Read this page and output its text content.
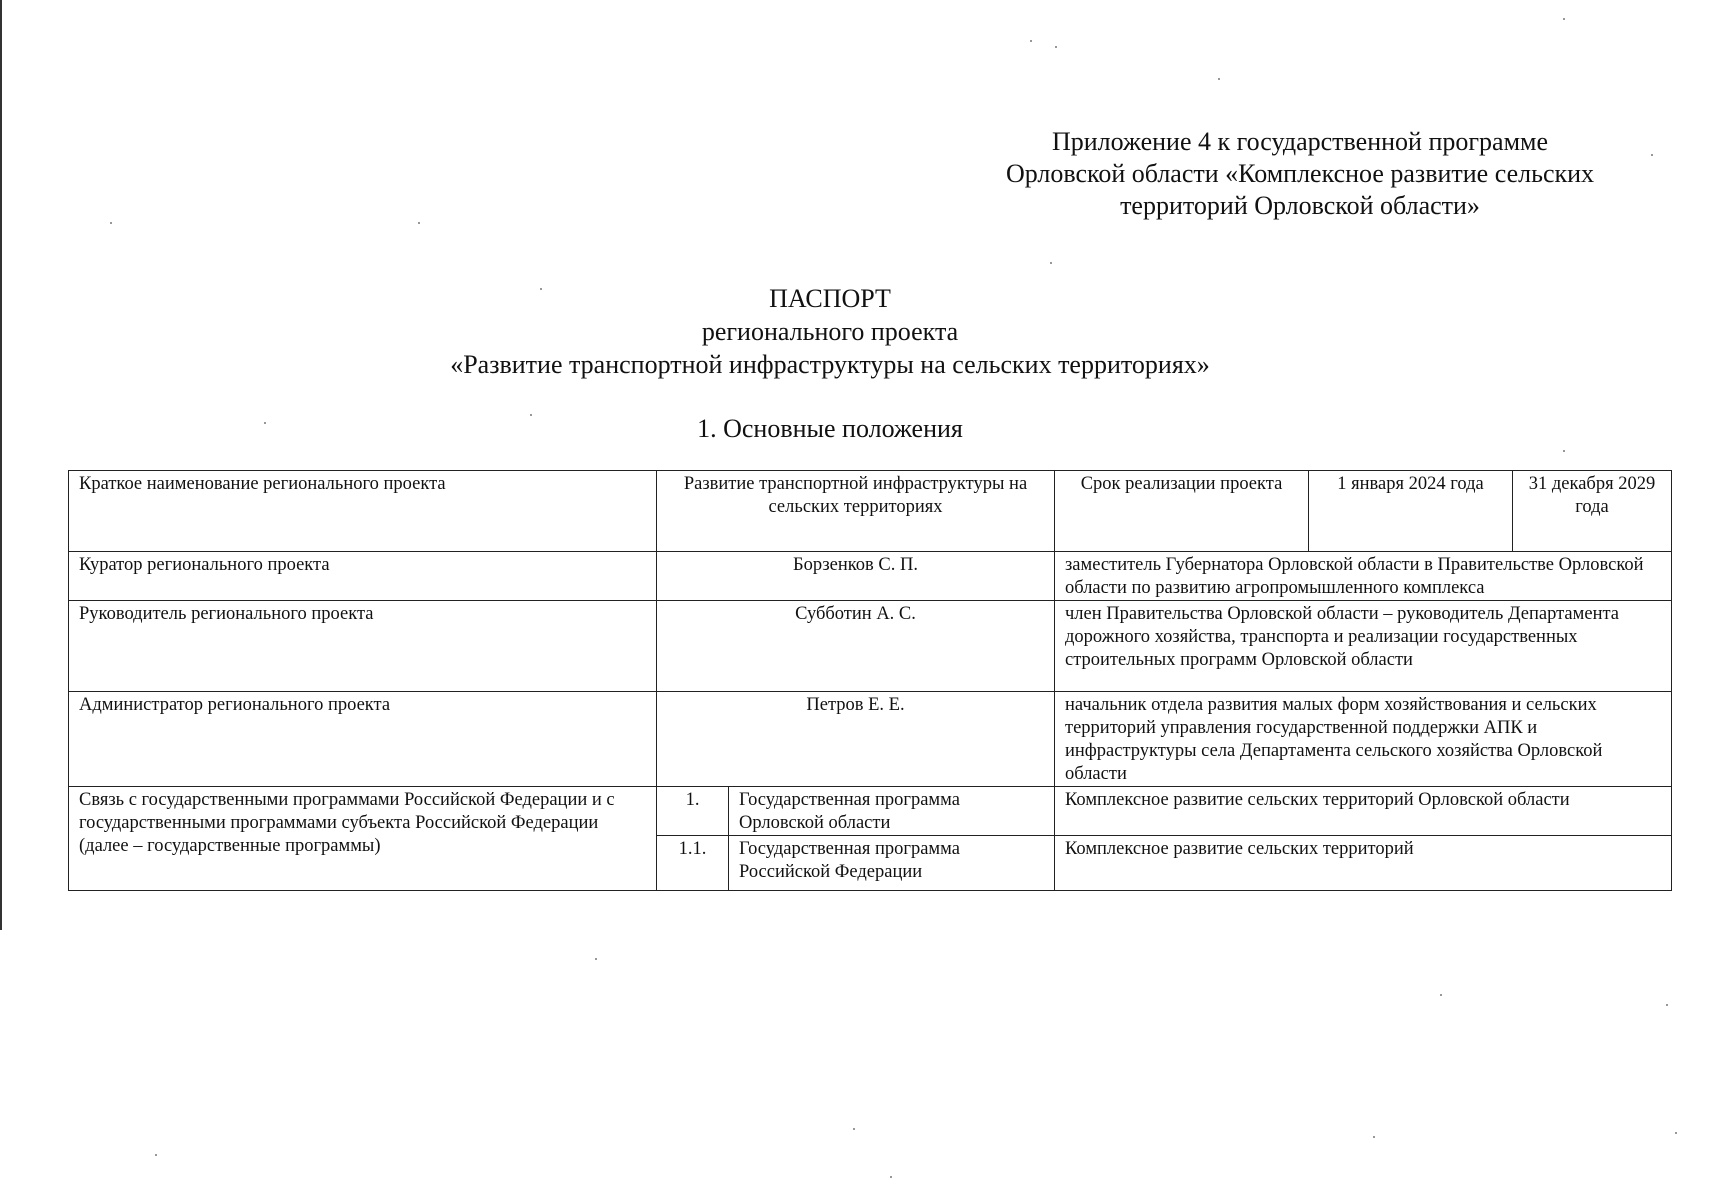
Приложение 4 к государственной программе
Орловской области «Комплексное развитие сельских
территорий Орловской области»
ПАСПОРТ
регионального проекта
«Развитие транспортной инфраструктуры на сельских территориях»
1. Основные положения
Краткое наименование регионального проекта	Развитие транспортной инфраструктуры на сельских территориях		Срок реализации проекта	1 января 2024 года	31 декабря 2029 года
Куратор регионального проекта	Борзенков С. П.		заместитель Губернатора Орловской области в Правительстве Орловской области по развитию агропромышленного комплекса		
Руководитель регионального проекта	Субботин А. С.		член Правительства Орловской области – руководитель Департамента дорожного хозяйства, транспорта и реализации государственных строительных программ Орловской области		
Администратор регионального проекта	Петров Е. Е.		начальник отдела развития малых форм хозяйствования и сельских территорий управления государственной поддержки АПК и инфраструктуры села Департамента сельского хозяйства Орловской области		
Связь с государственными программами Российской Федерации и с государственными программами субъекта Российской Федерации (далее – государственные программы)	1.	Государственная программа Орловской области	Комплексное развитие сельских территорий Орловской области		
	1.1.	Государственная программа Российской Федерации	Комплексное развитие сельских территорий		
